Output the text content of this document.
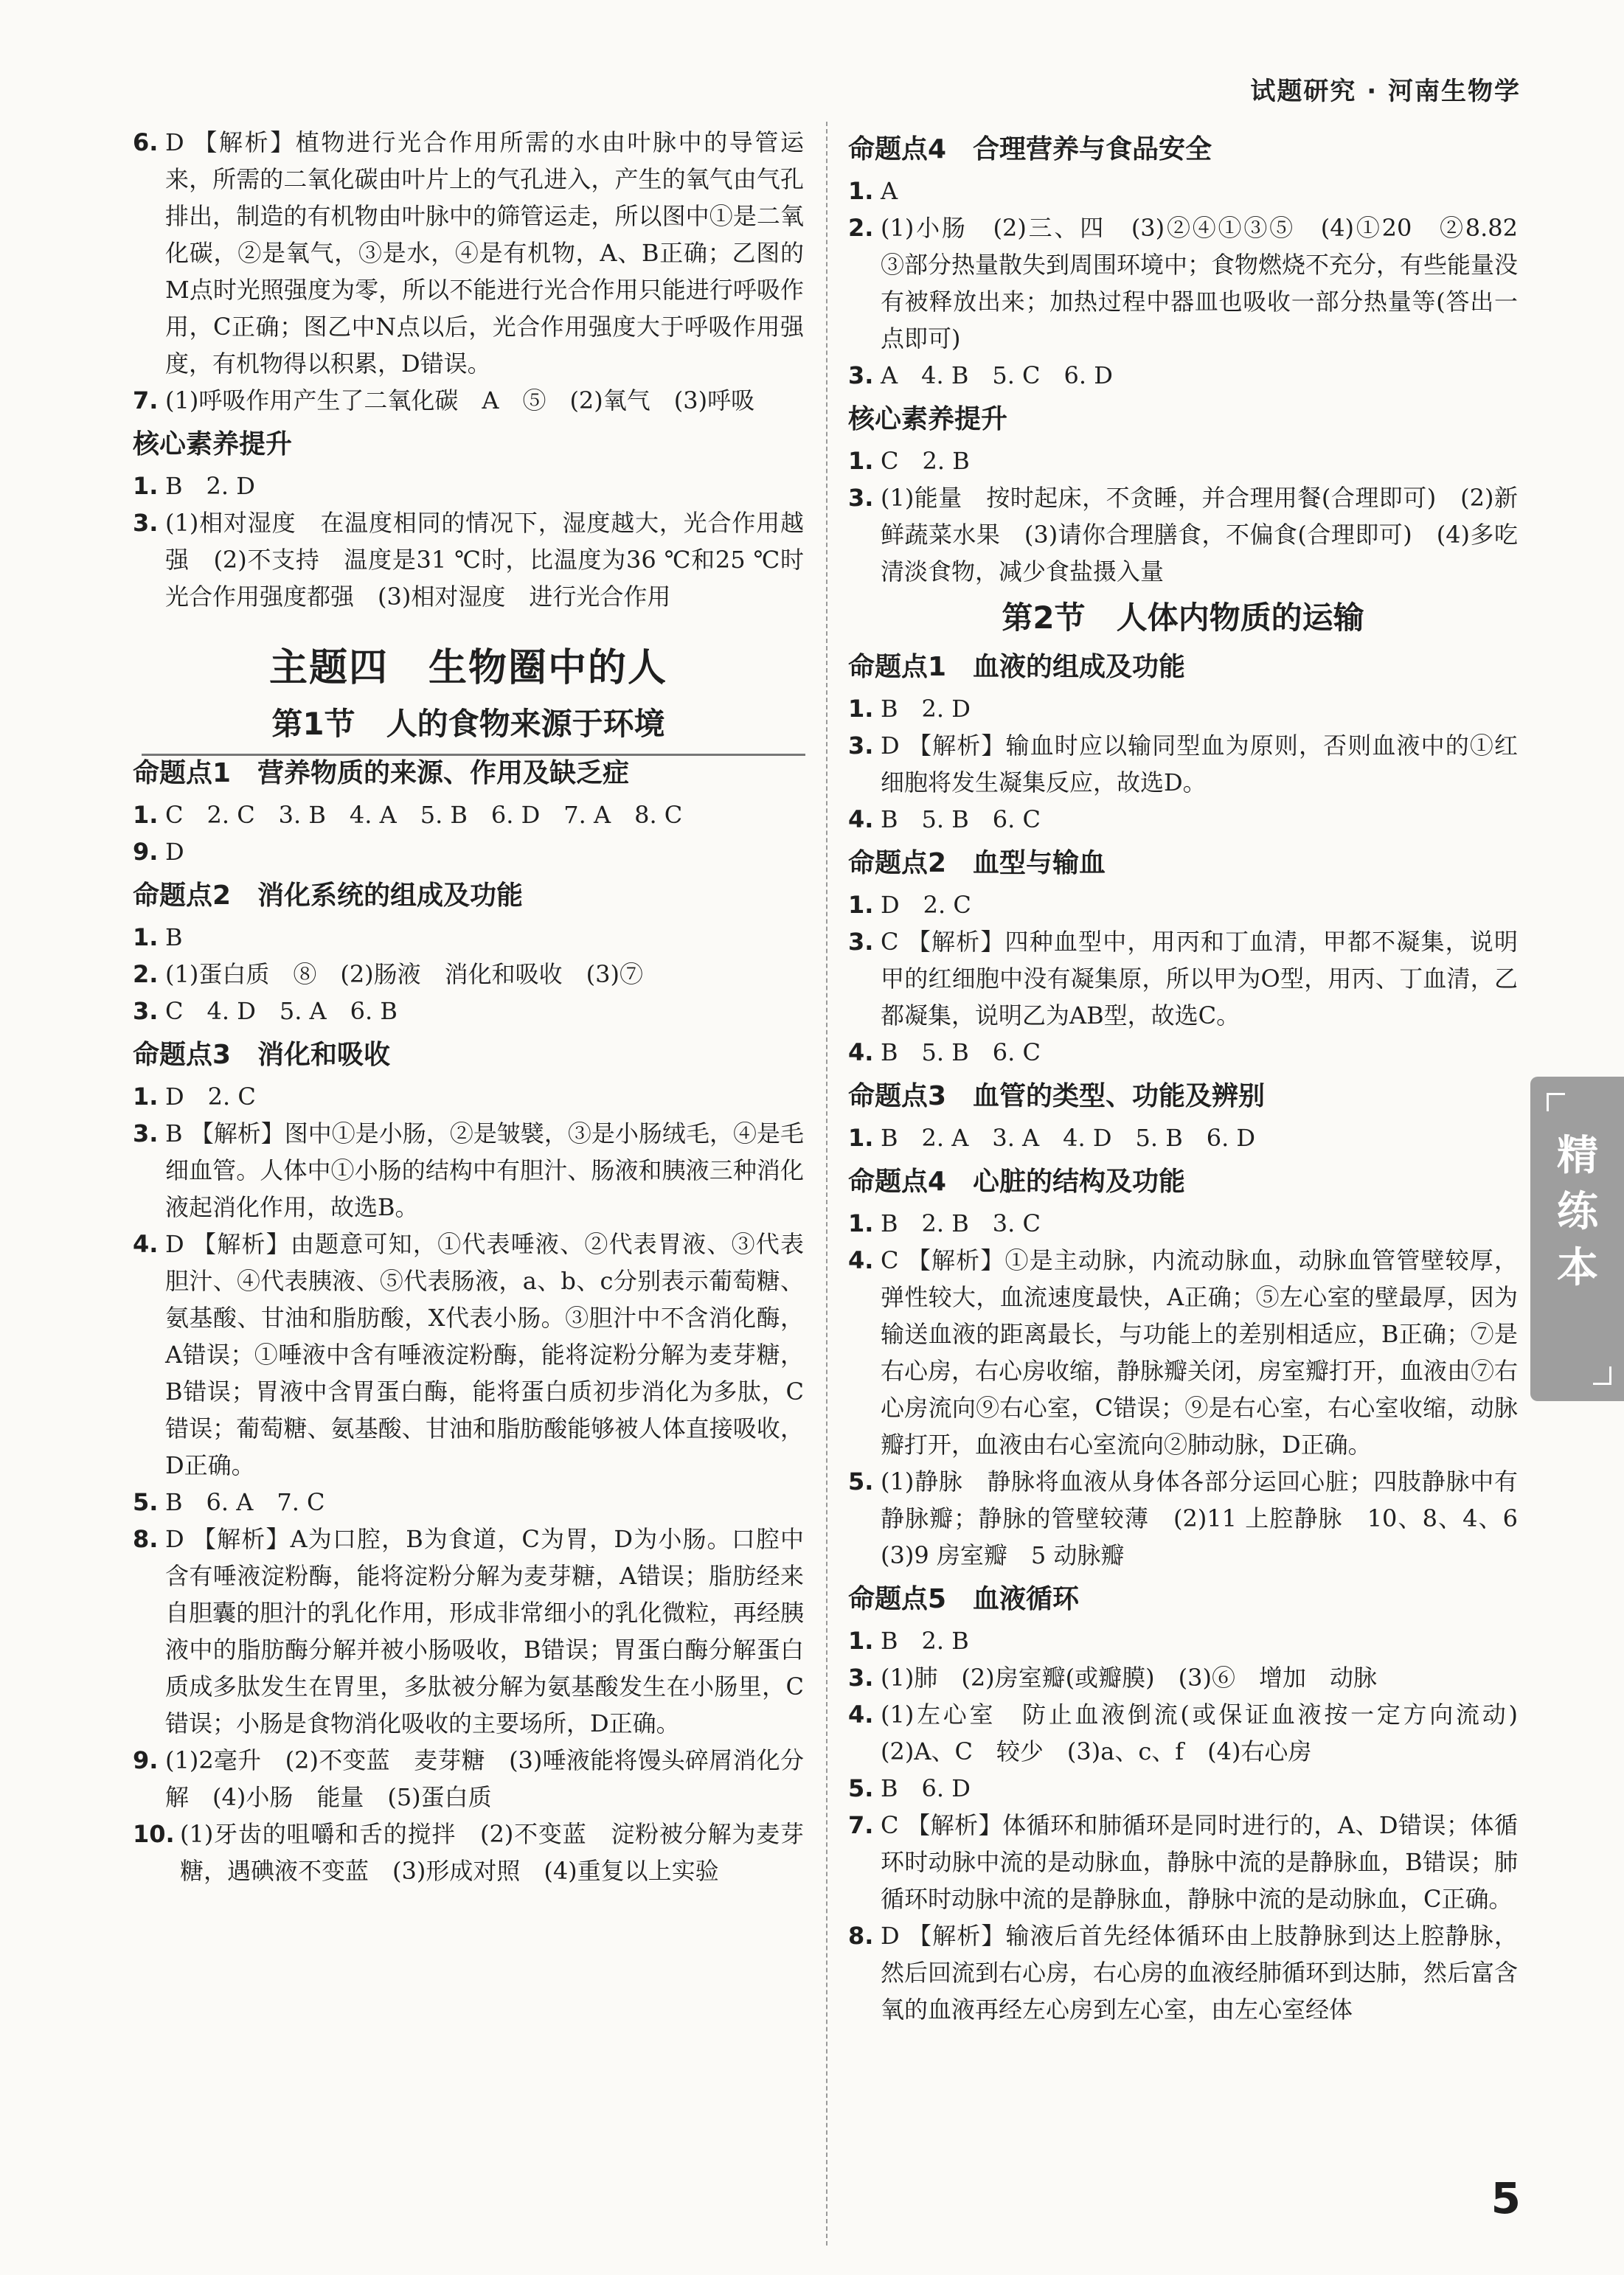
试题研究 · 河南生物学
6. D 【解析】植物进行光合作用所需的水由叶脉中的导管运来，所需的二氧化碳由叶片上的气孔进入，产生的氧气由气孔排出，制造的有机物由叶脉中的筛管运走，所以图中①是二氧化碳，②是氧气，③是水，④是有机物，A、B正确；乙图的M点时光照强度为零，所以不能进行光合作用只能进行呼吸作用，C正确；图乙中N点以后，光合作用强度大于呼吸作用强度，有机物得以积累，D错误。
7. (1)呼吸作用产生了二氧化碳　A　⑤　(2)氧气　(3)呼吸
核心素养提升
1. B　2. D
3. (1)相对湿度　在温度相同的情况下，湿度越大，光合作用越强　(2)不支持　温度是31 ℃时，比温度为36 ℃和25 ℃时光合作用强度都强　(3)相对湿度　进行光合作用
主题四　生物圈中的人
第1节　人的食物来源于环境
命题点1　营养物质的来源、作用及缺乏症
1. C　2. C　3. B　4. A　5. B　6. D　7. A　8. C
9. D
命题点2　消化系统的组成及功能
1. B
2. (1)蛋白质　⑧　(2)肠液　消化和吸收　(3)⑦
3. C　4. D　5. A　6. B
命题点3　消化和吸收
1. D　2. C
3. B 【解析】图中①是小肠，②是皱襞，③是小肠绒毛，④是毛细血管。人体中①小肠的结构中有胆汁、肠液和胰液三种消化液起消化作用，故选B。
4. D 【解析】由题意可知，①代表唾液、②代表胃液、③代表胆汁、④代表胰液、⑤代表肠液，a、b、c分别表示葡萄糖、氨基酸、甘油和脂肪酸，X代表小肠。③胆汁中不含消化酶，A错误；①唾液中含有唾液淀粉酶，能将淀粉分解为麦芽糖，B错误；胃液中含胃蛋白酶，能将蛋白质初步消化为多肽，C错误；葡萄糖、氨基酸、甘油和脂肪酸能够被人体直接吸收，D正确。
5. B　6. A　7. C
8. D 【解析】A为口腔，B为食道，C为胃，D为小肠。口腔中含有唾液淀粉酶，能将淀粉分解为麦芽糖，A错误；脂肪经来自胆囊的胆汁的乳化作用，形成非常细小的乳化微粒，再经胰液中的脂肪酶分解并被小肠吸收，B错误；胃蛋白酶分解蛋白质成多肽发生在胃里，多肽被分解为氨基酸发生在小肠里，C错误；小肠是食物消化吸收的主要场所，D正确。
9. (1)2毫升　(2)不变蓝　麦芽糖　(3)唾液能将馒头碎屑消化分解　(4)小肠　能量　(5)蛋白质
10. (1)牙齿的咀嚼和舌的搅拌　(2)不变蓝　淀粉被分解为麦芽糖，遇碘液不变蓝　(3)形成对照　(4)重复以上实验
命题点4　合理营养与食品安全
1. A
2. (1)小肠　(2)三、四　(3)②④①③⑤　(4)①20　②8.82　③部分热量散失到周围环境中；食物燃烧不充分，有些能量没有被释放出来；加热过程中器皿也吸收一部分热量等(答出一点即可)
3. A　4. B　5. C　6. D
核心素养提升
1. C　2. B
3. (1)能量　按时起床，不贪睡，并合理用餐(合理即可)　(2)新鲜蔬菜水果　(3)请你合理膳食，不偏食(合理即可)　(4)多吃清淡食物，减少食盐摄入量
第2节　人体内物质的运输
命题点1　血液的组成及功能
1. B　2. D
3. D 【解析】输血时应以输同型血为原则，否则血液中的①红细胞将发生凝集反应，故选D。
4. B　5. B　6. C
命题点2　血型与输血
1. D　2. C
3. C 【解析】四种血型中，用丙和丁血清，甲都不凝集，说明甲的红细胞中没有凝集原，所以甲为O型，用丙、丁血清，乙都凝集，说明乙为AB型，故选C。
4. B　5. B　6. C
命题点3　血管的类型、功能及辨别
1. B　2. A　3. A　4. D　5. B　6. D
命题点4　心脏的结构及功能
1. B　2. B　3. C
4. C 【解析】①是主动脉，内流动脉血，动脉血管管壁较厚，弹性较大，血流速度最快，A正确；⑤左心室的壁最厚，因为输送血液的距离最长，与功能上的差别相适应，B正确；⑦是右心房，右心房收缩，静脉瓣关闭，房室瓣打开，血液由⑦右心房流向⑨右心室，C错误；⑨是右心室，右心室收缩，动脉瓣打开，血液由右心室流向②肺动脉，D正确。
5. (1)静脉　静脉将血液从身体各部分运回心脏；四肢静脉中有静脉瓣；静脉的管壁较薄　(2)11 上腔静脉　10、8、4、6　(3)9 房室瓣　5 动脉瓣
命题点5　血液循环
1. B　2. B
3. (1)肺　(2)房室瓣(或瓣膜)　(3)⑥　增加　动脉
4. (1)左心室　防止血液倒流(或保证血液按一定方向流动)　(2)A、C　较少　(3)a、c、f　(4)右心房
5. B　6. D
7. C 【解析】体循环和肺循环是同时进行的，A、D错误；体循环时动脉中流的是动脉血，静脉中流的是静脉血，B错误；肺循环时动脉中流的是静脉血，静脉中流的是动脉血，C正确。
8. D 【解析】输液后首先经体循环由上肢静脉到达上腔静脉，然后回流到右心房，右心房的血液经肺循环到达肺，然后富含氧的血液再经左心房到左心室，由左心室经体
精
练
本
5
